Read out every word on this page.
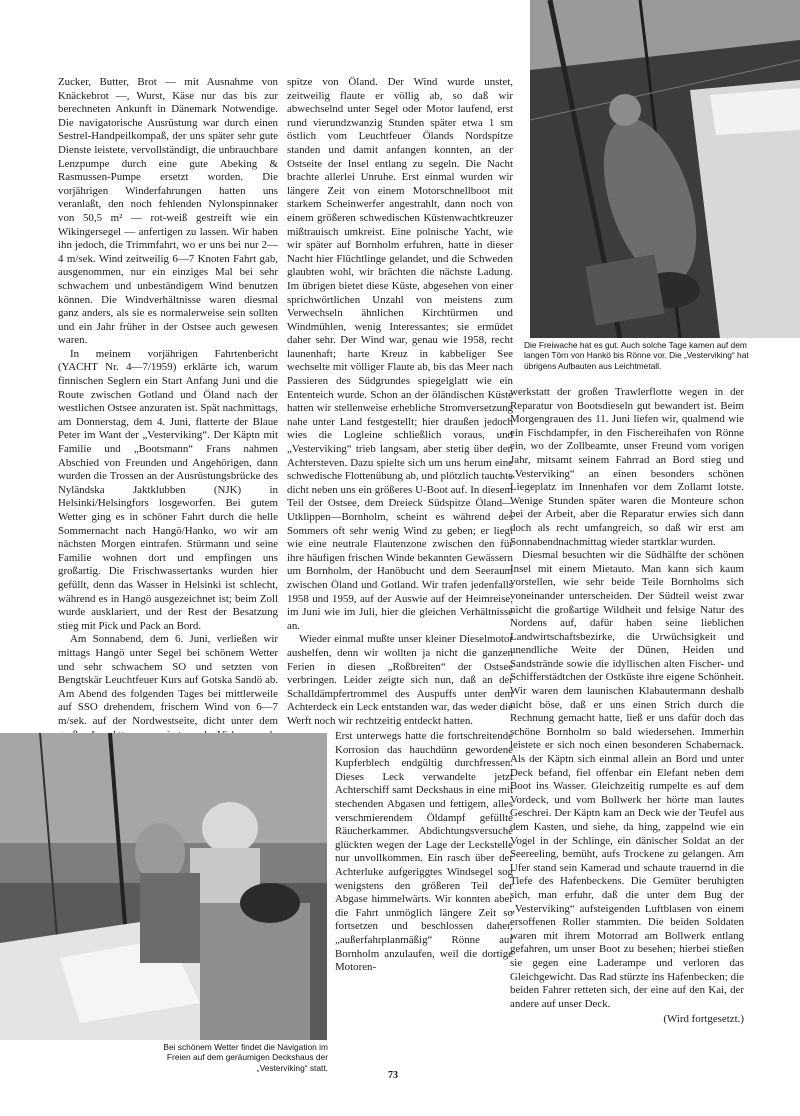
Zucker, Butter, Brot — mit Ausnahme von Knäckebrot —, Wurst, Käse nur das bis zur berechneten Ankunft in Dänemark Notwendige. Die navigatorische Ausrüstung war durch einen Sestrel-Handpeilkompaß, der uns später sehr gute Dienste leistete, vervollständigt, die unbrauchbare Lenzpumpe durch eine gute Abeking & Rasmussen-Pumpe ersetzt worden. Die vorjährigen Winderfahrungen hatten uns veranlaßt, den noch fehlenden Nylonspinnaker von 50,5 m² — rot-weiß gestreift wie ein Wikingersegel — anfertigen zu lassen. Wir haben ihn jedoch, die Trimmfahrt, wo er uns bei nur 2—4 m/sek. Wind zeitweilig 6—7 Knoten Fahrt gab, ausgenommen, nur ein einziges Mal bei sehr schwachem und unbeständigem Wind benutzen können. Die Windverhältnisse waren diesmal ganz anders, als sie es normalerweise sein sollten und ein Jahr früher in der Ostsee auch gewesen waren.

In meinem vorjährigen Fahrtenbericht (YACHT Nr. 4—7/1959) erklärte ich, warum finnischen Seglern ein Start Anfang Juni und die Route zwischen Gotland und Öland nach der westlichen Ostsee anzuraten ist. Spät nachmittags, am Donnerstag, dem 4. Juni, flatterte der Blaue Peter im Want der „Vesterviking“. Der Käptn mit Familie und „Bootsmann“ Frans nahmen Abschied von Freunden und Angehörigen, dann wurden die Trossen an der Ausrüstungsbrücke des Nyländska Jaktklubben (NJK) in Helsinki/Helsingfors losgeworfen. Bei gutem Wetter ging es in schöner Fahrt durch die helle Sommernacht nach Hangö/Hanko, wo wir am nächsten Morgen eintrafen. Stürmann und seine Familie wohnen dort und empfingen uns großartig. Die Frischwassertanks wurden hier gefüllt, denn das Wasser in Helsinki ist schlecht, während es in Hangö ausgezeichnet ist; beim Zoll wurde ausklariert, und der Rest der Besatzung stieg mit Pick und Pack an Bord.

Am Sonnabend, dem 6. Juni, verließen wir mittags Hangö unter Segel bei schönem Wetter und sehr schwachem SO und setzten von Bengtskär Leuchtfeuer Kurs auf Gotska Sandö ab. Am Abend des folgenden Tages bei mittlerweile auf SSO drehendem, frischem Wind von 6—7 m/sek. auf der Nordwestseite, dicht unter dem

spitze von Öland. Der Wind wurde unstet, zeitweilig flaute er völlig ab, so daß wir abwechselnd unter Segel oder Motor laufend, erst rund vierundzwanzig Stunden später etwa 1 sm östlich vom Leuchtfeuer Ölands Nordspitze standen und damit anfangen konnten, an der Ostseite der Insel entlang zu segeln. Die Nacht brachte allerlei Unruhe. Erst einmal wurden wir längere Zeit von einem Motorschnellboot mit starkem Scheinwerfer angestrahlt, dann noch von einem größeren schwedischen Küstenwachtkreuzer mißtrauisch umkreist. Eine polnische Yacht, wie wir später auf Bornholm erfuhren, hatte in dieser Nacht hier Flüchtlinge gelandet, und die Schweden glaubten wohl, wir brächten die nächste Ladung. Im übrigen bietet diese Küste, abgesehen von einer sprichwörtlichen Unzahl von meistens zum Verwechseln ähnlichen Kirchtürmen und Windmühlen, wenig Interessantes; sie ermüdet daher sehr. Der Wind war, genau wie 1958, recht launenhaft; harte Kreuz in kabbeliger See wechselte mit völliger Flaute ab, bis das Meer nach Passieren des Südgrundes spiegelglatt wie ein Ententeich wurde. Schon an der öländischen Küste hatten wir stellenweise erhebliche Stromversetzung nahe unter Land festgestellt; hier draußen jedoch wies die Logleine schließlich voraus, und „Vesterviking“ trieb langsam, aber stetig über den Achtersteven. Dazu spielte sich um uns herum eine schwedische Flottenübung ab, und plötzlich tauchte dicht neben uns ein größeres U-Boot auf. In diesem Teil der Ostsee, dem Dreieck Südspitze Öland—Utklippen—Bornholm, scheint es während des Sommers oft sehr wenig Wind zu geben; er liegt wie eine neutrale Flautenzone zwischen den für ihre häufigen frischen Winde bekannten Gewässern um Bornholm, der Hanöbucht und dem Seeraum zwischen Öland und Gotland. Wir trafen jedenfalls 1958 und 1959, auf der Auswie auf der Heimreise, im Juni wie im Juli, hier die gleichen Verhältnisse an.

Wieder einmal mußte unser kleiner Dieselmotor aushelfen, denn wir wollten ja nicht die ganzen Ferien in diesen „Roßbreiten“ der Ostsee verbringen. Leider zeigte sich nun, daß an der Schalldämpfertrommel des Auspuffs unter dem Achterdeck ein Leck entstanden war, das weder die Werft noch wir rechtzeitig entdeckt hatten.

Erst unterwegs hatte die fortschreitende Korrosion das hauchdünn gewordene Kupferblech endgültig durchfressen. Dieses Leck verwandelte jetzt Achterschiff samt Deckshaus in eine mit stechenden Abgasen und fettigem, alles verschmierendem Öldampf gefüllte Räucherkammer. Abdichtungsversuche glückten wegen der Lage der Leckstelle nur unvollkommen. Ein rasch über der Achterluke aufgeriggtes Windsegel sog wenigstens den größeren Teil der Abgase himmelwärts. Wir konnten aber die Fahrt unmöglich längere Zeit so fortsetzen und beschlossen daher, „außerfahrplanmäßig“ Rönne auf Bornholm anzulaufen, weil die dortige Motoren-

werkstatt der großen Trawlerflotte wegen in der Reparatur von Bootsdieseln gut bewandert ist. Beim Morgengrauen des 11. Juni liefen wir, qualmend wie ein Fischdampfer, in den Fischereihafen von Rönne ein, wo der Zollbeamte, unser Freund vom vorigen Jahr, mitsamt seinem Fahrrad an Bord stieg und „Vesterviking“ an einen besonders schönen Liegeplatz im Innenhafen vor dem Zollamt lotste. Wenige Stunden später waren die Monteure schon bei der Arbeit, aber die Reparatur erwies sich dann doch als recht umfangreich, so daß wir erst am Sonnabendnachmittag wieder startklar wurden.

Diesmal besuchten wir die Südhälfte der schönen Insel mit einem Mietauto. Man kann sich kaum vorstellen, wie sehr beide Teile Bornholms sich voneinander unterscheiden. Der Südteil weist zwar nicht die großartige Wildheit und felsige Natur des Nordens auf, dafür haben seine lieblichen Landwirtschaftsbezirke, die Urwüchsigkeit und unendliche Weite der Dünen, Heiden und Sandstrände sowie die idyllischen alten Fischer- und Schifferstädtchen der Ostküste ihre eigene Schönheit. Wir waren dem launischen Klabautermann deshalb nicht böse, daß er uns einen Strich durch die Rechnung gemacht hatte, ließ er uns dafür doch das schöne Bornholm so bald wiedersehen. Immerhin leistete er sich noch einen besonderen Schabernack. Als der Käptn sich einmal allein an Bord und unter Deck befand, fiel offenbar ein Elefant neben dem Boot ins Wasser. Gleichzeitig rumpelte es auf dem Vordeck, und vom Bollwerk her hörte man lautes Geschrei. Der Käptn kam an Deck wie der Teufel aus dem Kasten, und siehe, da hing, zappelnd wie ein Vogel in der Schlinge, ein dänischer Soldat an der Seereeling, bemüht, aufs Trockene zu gelangen. Am Ufer stand sein Kamerad und schaute trauernd in die Tiefe des Hafenbeckens. Die Gemüter beruhigten sich, man erfuhr, daß die unter dem Bug der „Vesterviking“ aufsteigenden Luftblasen von einem ersoffenen Roller stammten. Die beiden Soldaten waren mit ihrem Motorrad am Bollwerk entlang gefahren, um unser Boot zu besehen; hierbei stießen sie gegen eine Laderampe und verloren das Gleichgewicht. Das Rad stürzte ins Hafenbecken; die beiden Fahrer retteten sich, der eine auf den Kai, der andere auf unser Deck.

(Wird fortgesetzt.)
Die Freiwache hat es gut. Auch solche Tage kamen auf dem langen Törn von Hankö bis Rönne vor. Die „Vesterviking“ hat übrigens Aufbauten aus Leichtmetall.
Bei schönem Wetter findet die Navigation im Freien auf dem geräumigen Deckshaus der „Vesterviking“ statt.
73
